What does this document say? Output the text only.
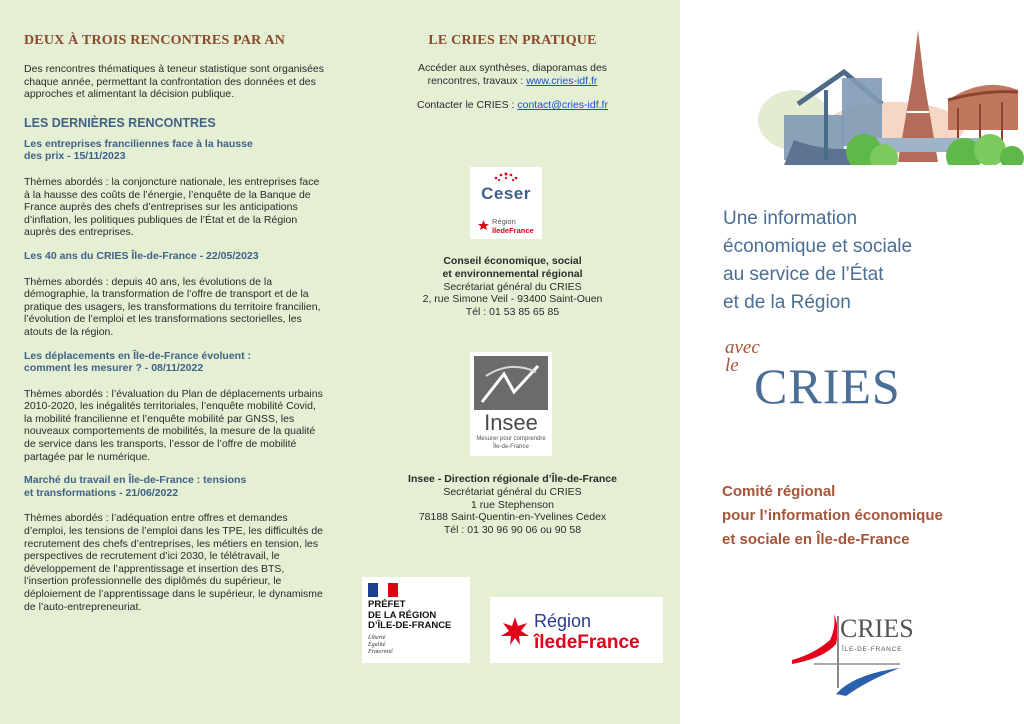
DEUX À TROIS RENCONTRES PAR AN

Des rencontres thématiques à teneur statistique sont organisées chaque année, permettant la confrontation des données et des approches et alimentant la décision publique.

LES DERNIÈRES RENCONTRES
Les entreprises franciliennes face à la hausse
des prix - 15/11/2023

Thèmes abordés : la conjoncture nationale, les entreprises face à la hausse des coûts de l’énergie, l’enquête de la Banque de France auprès des chefs d’entreprises sur les anticipations d’inflation, les politiques publiques de l’État et de la Région auprès des entreprises.

Les 40 ans du CRIES Île-de-France - 22/05/2023

Thèmes abordés : depuis 40 ans, les évolutions de la démographie, la transformation de l’offre de transport et de la pratique des usagers, les transformations du territoire francilien, l’évolution de l’emploi et les transformations sectorielles, les atouts de la région.

Les déplacements en Île-de-France évoluent :
comment les mesurer ? - 08/11/2022

Thèmes abordés : l’évaluation du Plan de déplacements urbains 2010-2020, les inégalités territoriales, l’enquête mobilité Covid, la mobilité francilienne et l’enquête mobilité par GNSS, les nouveaux comportements de mobilités, la mesure de la qualité de service dans les transports, l’essor de l’offre de mobilité partagée par le numérique.

Marché du travail en Île-de-France : tensions
et transformations - 21/06/2022

Thèmes abordés : l’adéquation entre offres et demandes d’emploi, les tensions de l’emploi dans les TPE, les difficultés de recrutement des chefs d’entreprises, les métiers en tension, les perspectives de recrutement d’ici 2030, le télétravail, le développement de l’apprentissage et insertion des BTS, l’insertion professionnelle des diplômés du supérieur, le déploiement de l’apprentissage dans le supérieur, le dynamisme de l’auto-entrepreneuriat.

LE CRIES EN PRATIQUE
Accéder aux synthèses, diaporamas des
rencontres, travaux : www.cries-idf.fr
Contacter le CRIES : contact@cries-idf.fr
Ceser
Région
îledeFrance
Conseil économique, social
et environnemental régional
Secrétariat général du CRIES
2, rue Simone Veil - 93400 Saint-Ouen
Tél : 01 53 85 65 85
Insee
Mesurer pour comprendre
Île-de-France
Insee - Direction régionale d’Île-de-France
Secrétariat général du CRIES
1 rue Stephenson
78188 Saint-Quentin-en-Yvelines Cedex
Tél : 01 30 96 90 06 ou 90 58
PRÉFET
DE LA RÉGION
D’ÎLE-DE-FRANCE
Liberté
Égalité
Fraternité
Région
îledeFrance
Une information
économique et sociale
au service de l’État
et de la Région
avec
le CRIES
Comité régional
pour l’information économique
et sociale en Île-de-France
CRIES
ÎLE-DE-FRANCE
